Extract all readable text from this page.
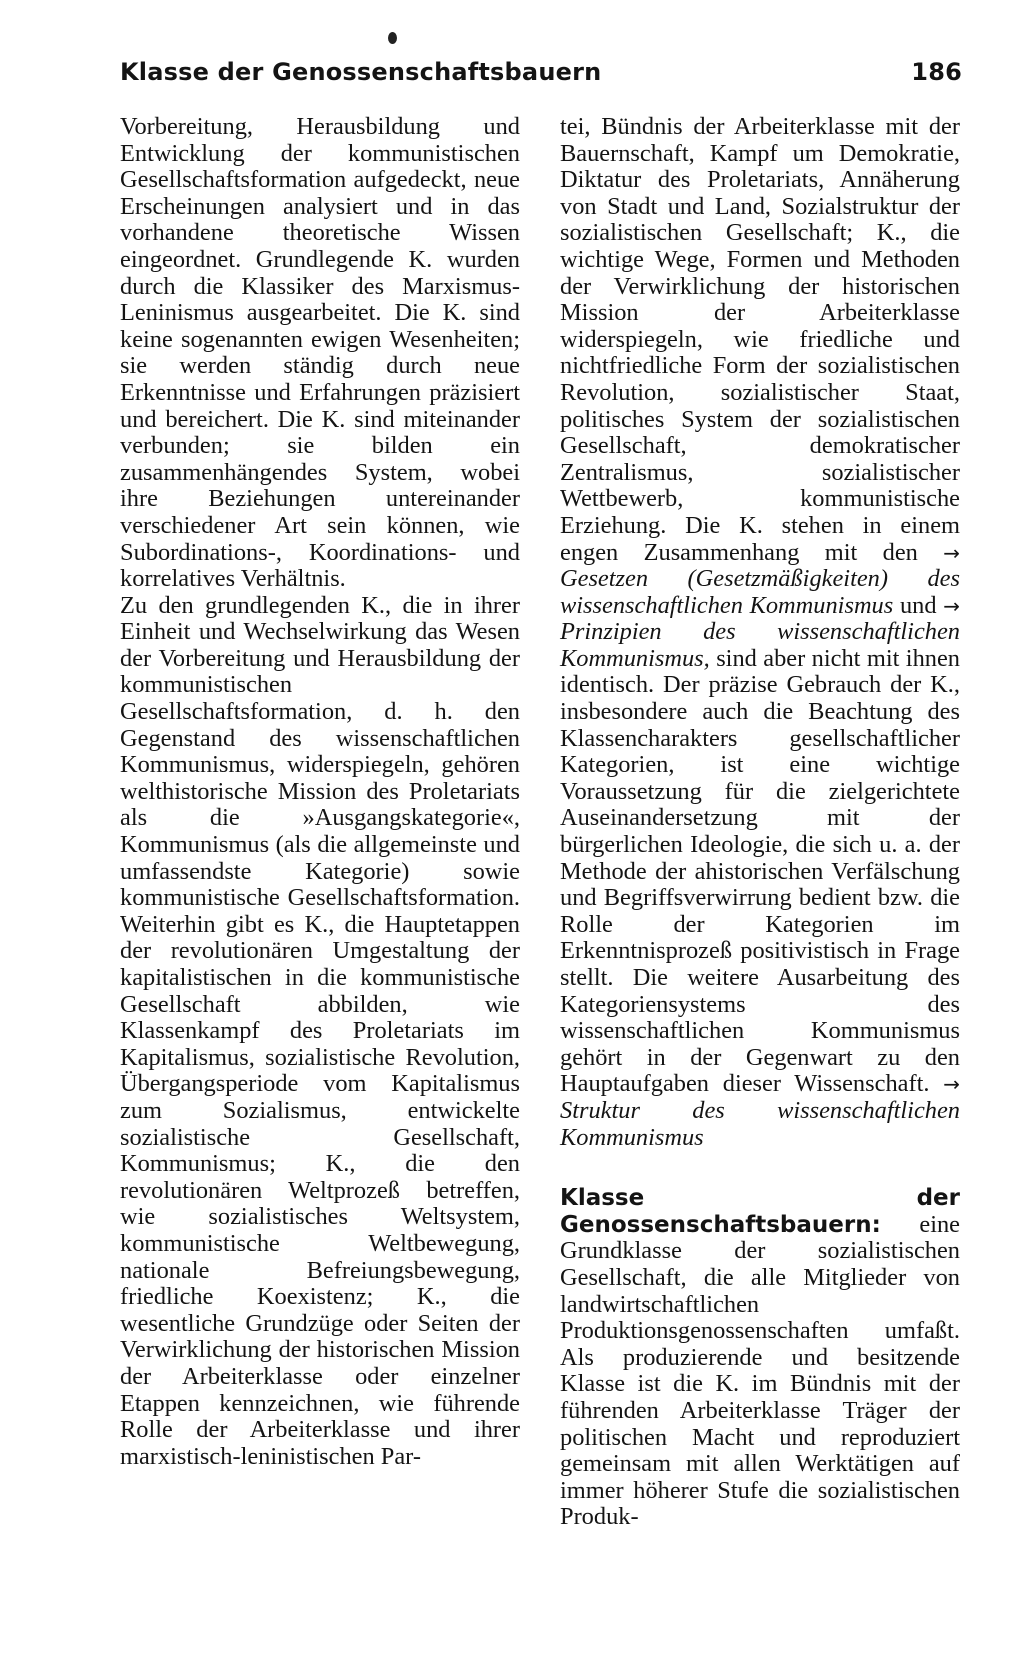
Klasse der Genossenschaftsbauern	186

Vorbereitung, Herausbildung und Entwicklung der kommunistischen Gesellschaftsformation aufgedeckt, neue Erscheinungen analysiert und in das vorhandene theoretische Wissen eingeordnet. Grundlegende K. wurden durch die Klassiker des Marxismus-Leninismus ausgearbeitet. Die K. sind keine sogenannten ewigen Wesenheiten; sie werden ständig durch neue Erkenntnisse und Erfahrungen präzisiert und bereichert. Die K. sind miteinander verbunden; sie bilden ein zusammenhängendes System, wobei ihre Beziehungen untereinander verschiedener Art sein können, wie Subordinations-, Koordinations- und korrelatives Verhältnis.

Zu den grundlegenden K., die in ihrer Einheit und Wechselwirkung das Wesen der Vorbereitung und Herausbildung der kommunistischen Gesellschaftsformation, d. h. den Gegenstand des wissenschaftlichen Kommunismus, widerspiegeln, gehören welthistorische Mission des Proletariats als die »Ausgangskategorie«, Kommunismus (als die allgemeinste und umfassendste Kategorie) sowie kommunistische Gesellschaftsformation. Weiterhin gibt es K., die Hauptetappen der revolutionären Umgestaltung der kapitalistischen in die kommunistische Gesellschaft abbilden, wie Klassenkampf des Proletariats im Kapitalismus, sozialistische Revolution, Übergangsperiode vom Kapitalismus zum Sozialismus, entwickelte sozialistische Gesellschaft, Kommunismus; K., die den revolutionären Weltprozeß betreffen, wie sozialistisches Weltsystem, kommunistische Weltbewegung, nationale Befreiungsbewegung, friedliche Koexistenz; K., die wesentliche Grundzüge oder Seiten der Verwirklichung der historischen Mission der Arbeiterklasse oder einzelner Etappen kennzeichnen, wie führende Rolle der Arbeiterklasse und ihrer marxistisch-leninistischen Par-

tei, Bündnis der Arbeiterklasse mit der Bauernschaft, Kampf um Demokratie, Diktatur des Proletariats, Annäherung von Stadt und Land, Sozialstruktur der sozialistischen Gesellschaft; K., die wichtige Wege, Formen und Methoden der Verwirklichung der historischen Mission der Arbeiterklasse widerspiegeln, wie friedliche und nichtfriedliche Form der sozialistischen Revolution, sozialistischer Staat, politisches System der sozialistischen Gesellschaft, demokratischer Zentralismus, sozialistischer Wettbewerb, kommunistische Erziehung. Die K. stehen in einem engen Zusammenhang mit den → Gesetzen (Gesetzmäßigkeiten) des wissenschaftlichen Kommunismus und → Prinzipien des wissenschaftlichen Kommunismus, sind aber nicht mit ihnen identisch. Der präzise Gebrauch der K., insbesondere auch die Beachtung des Klassencharakters gesellschaftlicher Kategorien, ist eine wichtige Voraussetzung für die zielgerichtete Auseinandersetzung mit der bürgerlichen Ideologie, die sich u. a. der Methode der ahistorischen Verfälschung und Begriffsverwirrung bedient bzw. die Rolle der Kategorien im Erkenntnisprozeß positivistisch in Frage stellt. Die weitere Ausarbeitung des Kategoriensystems des wissenschaftlichen Kommunismus gehört in der Gegenwart zu den Hauptaufgaben dieser Wissenschaft. → Struktur des wissenschaftlichen Kommunismus

Klasse der Genossenschaftsbauern: eine Grundklasse der sozialistischen Gesellschaft, die alle Mitglieder von landwirtschaftlichen Produktionsgenossenschaften umfaßt. Als produzierende und besitzende Klasse ist die K. im Bündnis mit der führenden Arbeiterklasse Träger der politischen Macht und reproduziert gemeinsam mit allen Werktätigen auf immer höherer Stufe die sozialistischen Produk-
